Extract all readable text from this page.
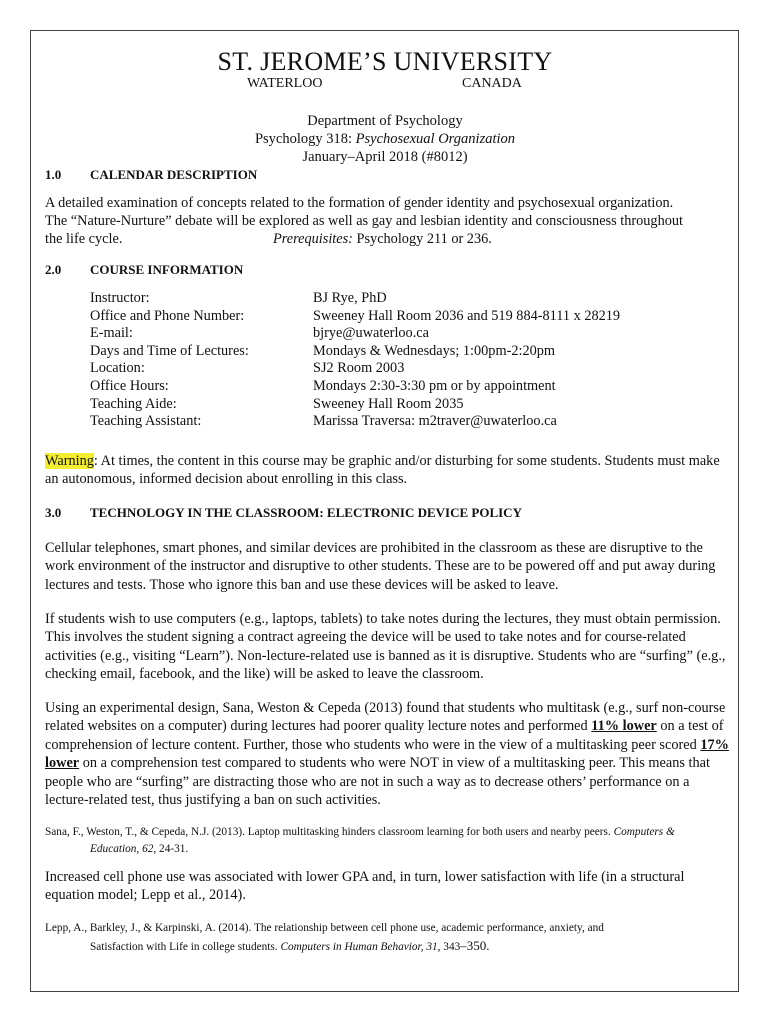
ST. JEROME’S UNIVERSITY
WATERLOO	CANADA
Department of Psychology
Psychology 318: Psychosexual Organization
January–April 2018 (#8012)
1.0 CALENDAR DESCRIPTION
A detailed examination of concepts related to the formation of gender identity and psychosexual organization.
The “Nature-Nurture” debate will be explored as well as gay and lesbian identity and consciousness throughout
the life cycle.	Prerequisites: Psychology 211 or 236.
2.0 COURSE INFORMATION
Instructor:
Office and Phone Number:
E-mail:
Days and Time of Lectures:
Location:
Office Hours:
Teaching Aide:
Teaching Assistant:
BJ Rye, PhD
Sweeney Hall Room 2036 and 519 884-8111 x 28219
bjrye@uwaterloo.ca
Mondays & Wednesdays; 1:00pm-2:20pm
SJ2 Room 2003
Mondays 2:30-3:30 pm or by appointment
Sweeney Hall Room 2035
Marissa Traversa: m2traver@uwaterloo.ca
Warning: At times, the content in this course may be graphic and/or disturbing for some students. Students must make an autonomous, informed decision about enrolling in this class.
3.0 TECHNOLOGY IN THE CLASSROOM: ELECTRONIC DEVICE POLICY
Cellular telephones, smart phones, and similar devices are prohibited in the classroom as these are disruptive to the work environment of the instructor and disruptive to other students. These are to be powered off and put away during lectures and tests. Those who ignore this ban and use these devices will be asked to leave.
If students wish to use computers (e.g., laptops, tablets) to take notes during the lectures, they must obtain permission. This involves the student signing a contract agreeing the device will be used to take notes and for course-related activities (e.g., visiting “Learn”). Non-lecture-related use is banned as it is disruptive. Students who are “surfing” (e.g., checking email, facebook, and the like) will be asked to leave the classroom.
Using an experimental design, Sana, Weston & Cepeda (2013) found that students who multitask (e.g., surf non-course related websites on a computer) during lectures had poorer quality lecture notes and performed 11% lower on a test of comprehension of lecture content. Further, those who students who were in the view of a multitasking peer scored 17% lower on a comprehension test compared to students who were NOT in view of a multitasking peer. This means that people who are “surfing” are distracting those who are not in such a way as to decrease others’ performance on a lecture-related test, thus justifying a ban on such activities.
Sana, F., Weston, T., & Cepeda, N.J. (2013). Laptop multitasking hinders classroom learning for both users and nearby peers. Computers &
Education, 62, 24-31.
Increased cell phone use was associated with lower GPA and, in turn, lower satisfaction with life (in a structural equation model; Lepp et al., 2014).
Lepp, A., Barkley, J., & Karpinski, A. (2014). The relationship between cell phone use, academic performance, anxiety, and
Satisfaction with Life in college students. Computers in Human Behavior, 31, 343–350.
